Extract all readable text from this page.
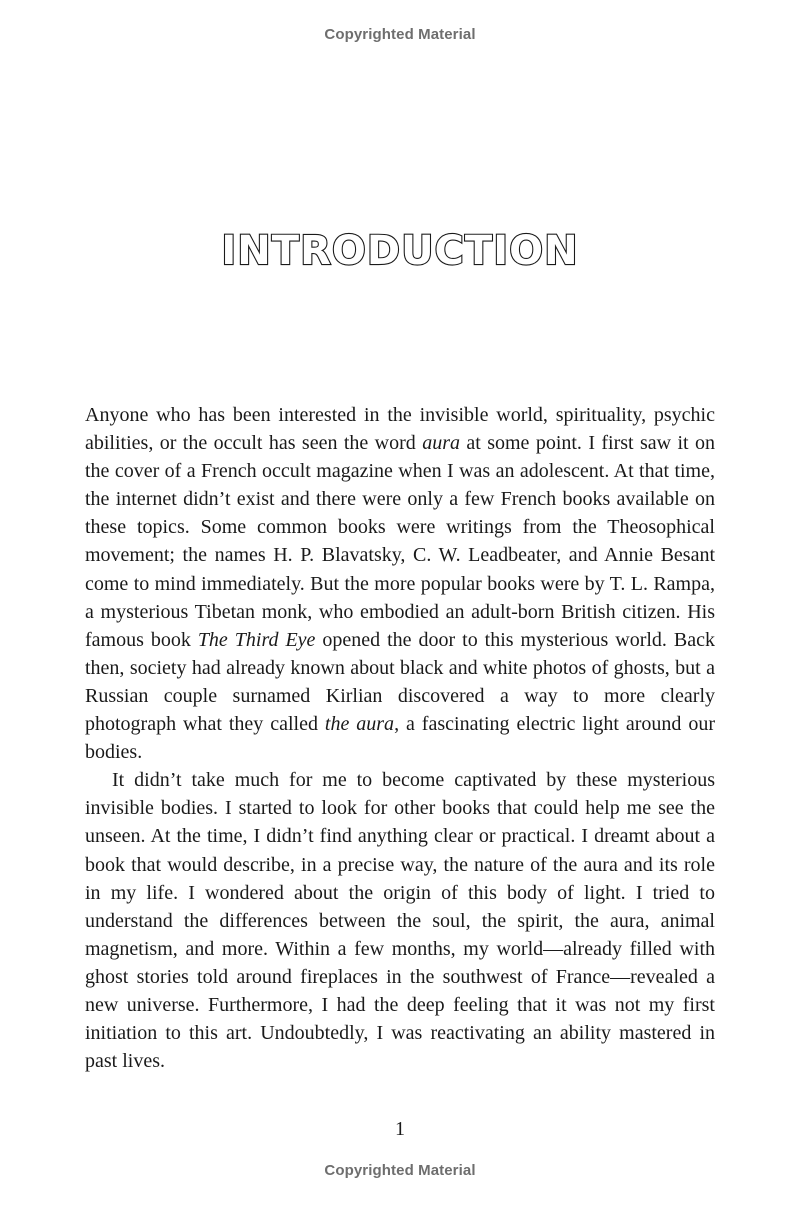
Copyrighted Material
INTRODUCTION

Anyone who has been interested in the invisible world, spirituality, psychic abilities, or the occult has seen the word aura at some point. I first saw it on the cover of a French occult magazine when I was an adolescent. At that time, the internet didn’t exist and there were only a few French books available on these topics. Some common books were writings from the Theosophical movement; the names H. P. Blavatsky, C. W. Leadbeater, and Annie Besant come to mind immediately. But the more popular books were by T. L. Rampa, a mysterious Tibetan monk, who embodied an adult-born British citizen. His famous book The Third Eye opened the door to this mysterious world. Back then, society had already known about black and white photos of ghosts, but a Russian couple surnamed Kirlian discovered a way to more clearly photograph what they called the aura, a fascinating electric light around our bodies.

It didn’t take much for me to become captivated by these mysterious invisible bodies. I started to look for other books that could help me see the unseen. At the time, I didn’t find anything clear or practical. I dreamt about a book that would describe, in a precise way, the nature of the aura and its role in my life. I wondered about the origin of this body of light. I tried to understand the differences between the soul, the spirit, the aura, animal magnetism, and more. Within a few months, my world—already filled with ghost stories told around fireplaces in the southwest of France—revealed a new universe. Furthermore, I had the deep feeling that it was not my first initiation to this art. Undoubtedly, I was reactivating an ability mastered in past lives.

1
Copyrighted Material
